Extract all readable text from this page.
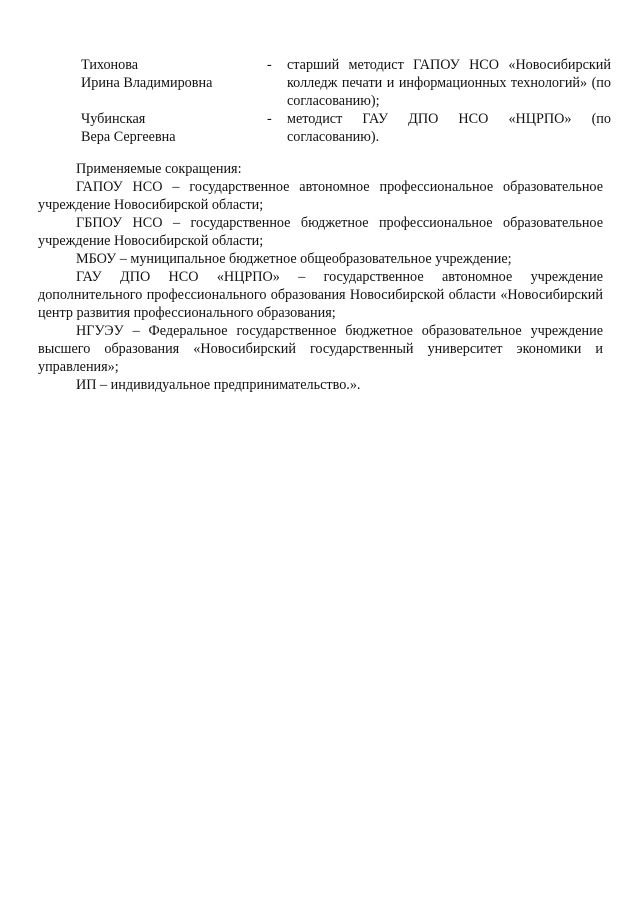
Тихонова
Ирина Владимировна
-	старший методист ГАПОУ НСО «Новосибирский колледж печати и информационных технологий» (по согласованию);
Чубинская
Вера Сергеевна
-	методист ГАУ ДПО НСО «НЦРПО» (по согласованию).

Применяемые сокращения:

ГАПОУ НСО – государственное автономное профессиональное образовательное учреждение Новосибирской области;

ГБПОУ НСО – государственное бюджетное профессиональное образовательное учреждение Новосибирской области;

МБОУ – муниципальное бюджетное общеобразовательное учреждение;

ГАУ ДПО НСО «НЦРПО» – государственное автономное учреждение дополнительного профессионального образования Новосибирской области «Новосибирский центр развития профессионального образования;

НГУЭУ – Федеральное государственное бюджетное образовательное учреждение высшего образования «Новосибирский государственный университет экономики и управления»;

ИП – индивидуальное предпринимательство.».
